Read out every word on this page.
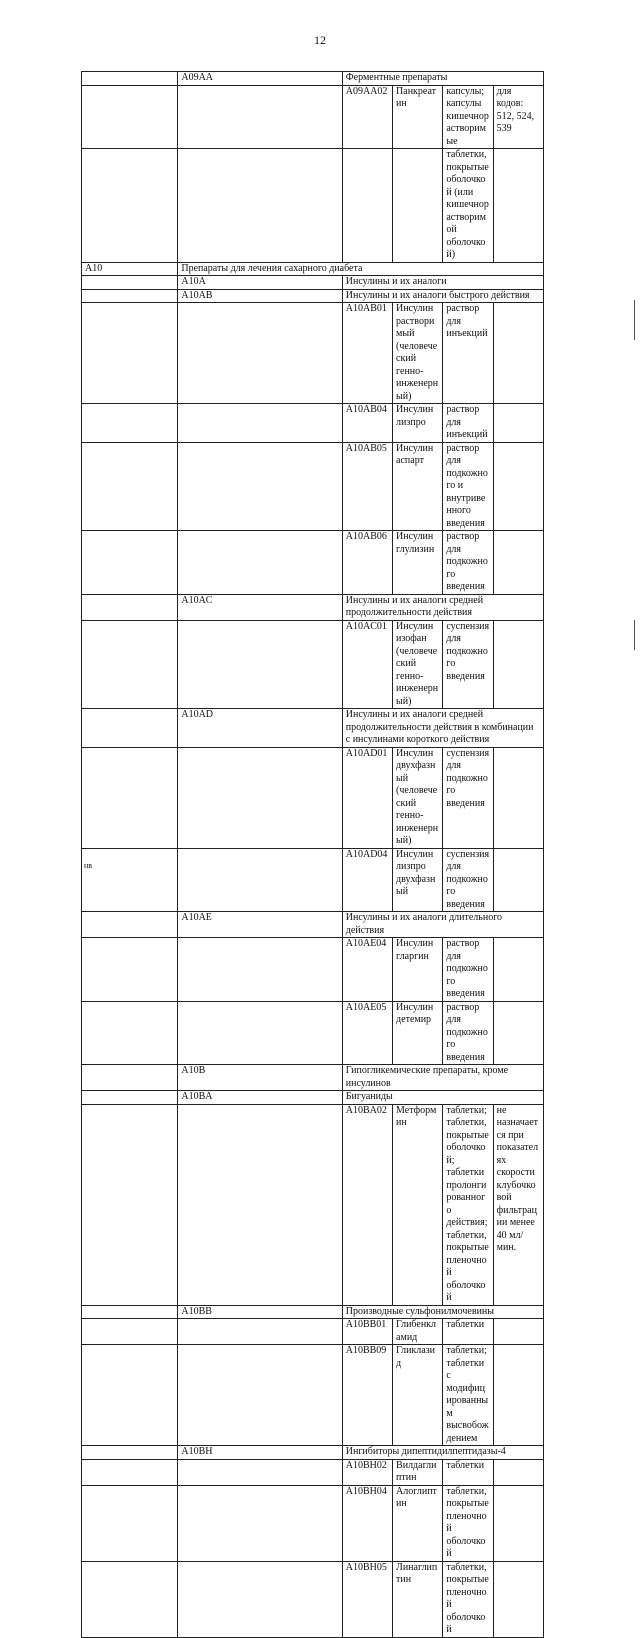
12
	A09AA	Ферментные препараты			
		A09AA02	Панкреатин	капсулы; капсулы кишечнорастворимые	для кодов: 512, 524, 539
				таблетки, покрытые оболочкой (или кишечнорастворимой оболочкой)	
A10	Препараты для лечения сахарного диабета				
	A10A	Инсулины и их аналоги			
	A10AB	Инсулины и их аналоги быстрого действия			
		A10AB01	Инсулин растворимый (человеческий генно-инженерный)	раствор для инъекций	
		A10AB04	Инсулин лизпро	раствор для инъекций	
		A10AB05	Инсулин аспарт	раствор для подкожного и внутривенного введения	
		A10AB06	Инсулин глулизин	раствор для подкожного введения	
	A10AC	Инсулины и их аналоги средней продолжительности действия			
		A10AC01	Инсулин изофан (человеческий генно-инженерный)	суспензия для подкожного введения	
	A10AD	Инсулины и их аналоги средней продолжительности действия в комбинации с инсулинами короткого действия			
		A10AD01	Инсулин двухфазный (человеческий генно-инженерный)	суспензия для подкожного введения	
		A10AD04	Инсулин лизпро двухфазный	суспензия для подкожного введения	
	A10AE	Инсулины и их аналоги длительного действия			
		A10AE04	Инсулин гларгин	раствор для подкожного введения	
		A10AE05	Инсулин детемир	раствор для подкожного введения	
	A10B	Гипогликемические препараты, кроме инсулинов			
	A10BA	Бигуаниды			
		A10BA02	Метформин	таблетки; таблетки, покрытые оболочкой; таблетки пролонгированного действия; таблетки, покрытые пленочной оболочкой	не назначается при показателях скорости клубочковой фильтрации менее 40 мл/мин.
	A10BB	Производные сульфонилмочевины			
		A10BB01	Глибенкламид	таблетки	
		A10BB09	Гликлазид	таблетки; таблетки с модифицированным высвобождением	
	A10BH	Ингибиторы дипептидилпептидазы-4			
		A10BH02	Вилдаглиптин	таблетки	
		A10BH04	Алоглиптин	таблетки, покрытые пленочной оболочкой	
		A10BH05	Линаглиптин	таблетки, покрытые пленочной оболочкой	
нв
